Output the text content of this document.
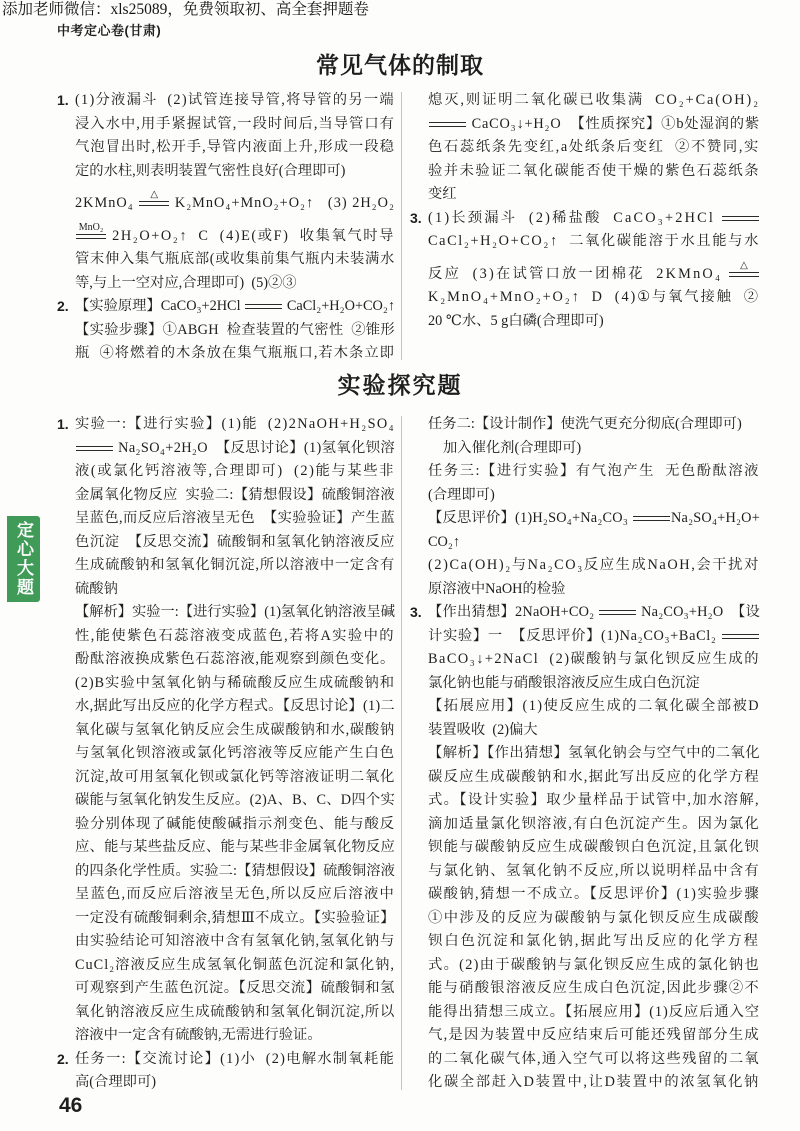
添加老师微信：xls25089，免费领取初、高全套押题卷
中考定心卷(甘肃)
常见气体的制取
1. (1)分液漏斗  (2)试管连接导管,将导管的另一端
浸入水中,用手紧握试管,一段时间后,当导管口有
气泡冒出时,松开手,导管内液面上升,形成一段稳
定的水柱,则表明装置气密性良好(合理即可)
2KMnO₄
△
K₂MnO₄+MnO₂+O₂↑   (3) 2H₂O₂
MnO₂
2H₂O+O₂↑  C  (4)E(或F)  收集氧气时导
管末伸入集气瓶底部(或收集前集气瓶内未装满水
等,与上一空对应,合理即可)  (5)②③
2. 【实验原理】CaCO₃+2HCl	CaCl₂+H₂O+CO₂↑
【实验步骤】①ABGH  检查装置的气密性  ②锥形
瓶  ④将燃着的木条放在集气瓶瓶口,若木条立即
熄灭,则证明二氧化碳已收集满  CO₂+Ca(OH)₂
CaCO₃↓+H₂O  【性质探究】①b处湿润的紫
色石蕊纸条先变红,a处纸条后变红  ②不赞同,实
验并未验证二氧化碳能否使干燥的紫色石蕊纸条
变红
3. (1)长颈漏斗  (2)稀盐酸  CaCO₃+2HCl
CaCl₂+H₂O+CO₂↑  二氧化碳能溶于水且能与水
反应  (3)在试管口放一团棉花  2KMnO₄
△
K₂MnO₄+MnO₂+O₂↑  D  (4)①与氧气接触  ②
20 ℃水、5 g白磷(合理即可)
实验探究题
1. 实验一:【进行实验】(1)能  (2)2NaOH+H₂SO₄
Na₂SO₄+2H₂O  【反思讨论】(1)氢氧化钡溶
液(或氯化钙溶液等,合理即可)  (2)能与某些非
金属氧化物反应  实验二:【猜想假设】硫酸铜溶液
呈蓝色,而反应后溶液呈无色  【实验验证】产生蓝
色沉淀  【反思交流】硫酸铜和氢氧化钠溶液反应
生成硫酸钠和氢氧化铜沉淀,所以溶液中一定含有
硫酸钠
【解析】实验一:【进行实验】(1)氢氧化钠溶液呈碱
性,能使紫色石蕊溶液变成蓝色,若将A实验中的
酚酞溶液换成紫色石蕊溶液,能观察到颜色变化。
(2)B实验中氢氧化钠与稀硫酸反应生成硫酸钠和
水,据此写出反应的化学方程式。【反思讨论】(1)二
氧化碳与氢氧化钠反应会生成碳酸钠和水,碳酸钠
与氢氧化钡溶液或氯化钙溶液等反应能产生白色
沉淀,故可用氢氧化钡或氯化钙等溶液证明二氧化
碳能与氢氧化钠发生反应。(2)A、B、C、D四个实
验分别体现了碱能使酸碱指示剂变色、能与酸反
应、能与某些盐反应、能与某些非金属氧化物反应
的四条化学性质。实验二:【猜想假设】硫酸铜溶液
呈蓝色,而反应后溶液呈无色,所以反应后溶液中
一定没有硫酸铜剩余,猜想Ⅲ不成立。【实验验证】
由实验结论可知溶液中含有氢氧化钠,氢氧化钠与
CuCl₂溶液反应生成氢氧化铜蓝色沉淀和氯化钠,
可观察到产生蓝色沉淀。【反思交流】硫酸铜和氢
氧化钠溶液反应生成硫酸钠和氢氧化铜沉淀,所以
溶液中一定含有硫酸钠,无需进行验证。
2. 任务一:【交流讨论】(1)小  (2)电解水制氧耗能
高(合理即可)
任务二:【设计制作】使洗气更充分彻底(合理即可)
加入催化剂(合理即可)
任务三:【进行实验】有气泡产生  无色酚酞溶液
(合理即可)
【反思评价】(1)H₂SO₄+Na₂CO₃	Na₂SO₄+H₂O+
CO₂↑
(2)Ca(OH)₂与Na₂CO₃反应生成NaOH,会干扰对
原溶液中NaOH的检验
3. 【作出猜想】2NaOH+CO₂	Na₂CO₃+H₂O  【设
计实验】一  【反思评价】(1)Na₂CO₃+BaCl₂
BaCO₃↓+2NaCl  (2)碳酸钠与氯化钡反应生成的
氯化钠也能与硝酸银溶液反应生成白色沉淀
【拓展应用】(1)使反应生成的二氧化碳全部被D
装置吸收  (2)偏大
【解析】【作出猜想】氢氧化钠会与空气中的二氧化
碳反应生成碳酸钠和水,据此写出反应的化学方程
式。【设计实验】取少量样品于试管中,加水溶解,
滴加适量氯化钡溶液,有白色沉淀产生。因为氯化
钡能与碳酸钠反应生成碳酸钡白色沉淀,且氯化钡
与氯化钠、氢氧化钠不反应,所以说明样品中含有
碳酸钠,猜想一不成立。【反思评价】(1)实验步骤
①中涉及的反应为碳酸钠与氯化钡反应生成碳酸
钡白色沉淀和氯化钠,据此写出反应的化学方程
式。(2)由于碳酸钠与氯化钡反应生成的氯化钠也
能与硝酸银溶液反应生成白色沉淀,因此步骤②不
能得出猜想三成立。【拓展应用】(1)反应后通入空
气,是因为装置中反应结束后可能还残留部分生成
的二氧化碳气体,通入空气可以将这些残留的二氧
化碳全部赶入D装置中,让D装置中的浓氢氧化钠
定心大题
46
